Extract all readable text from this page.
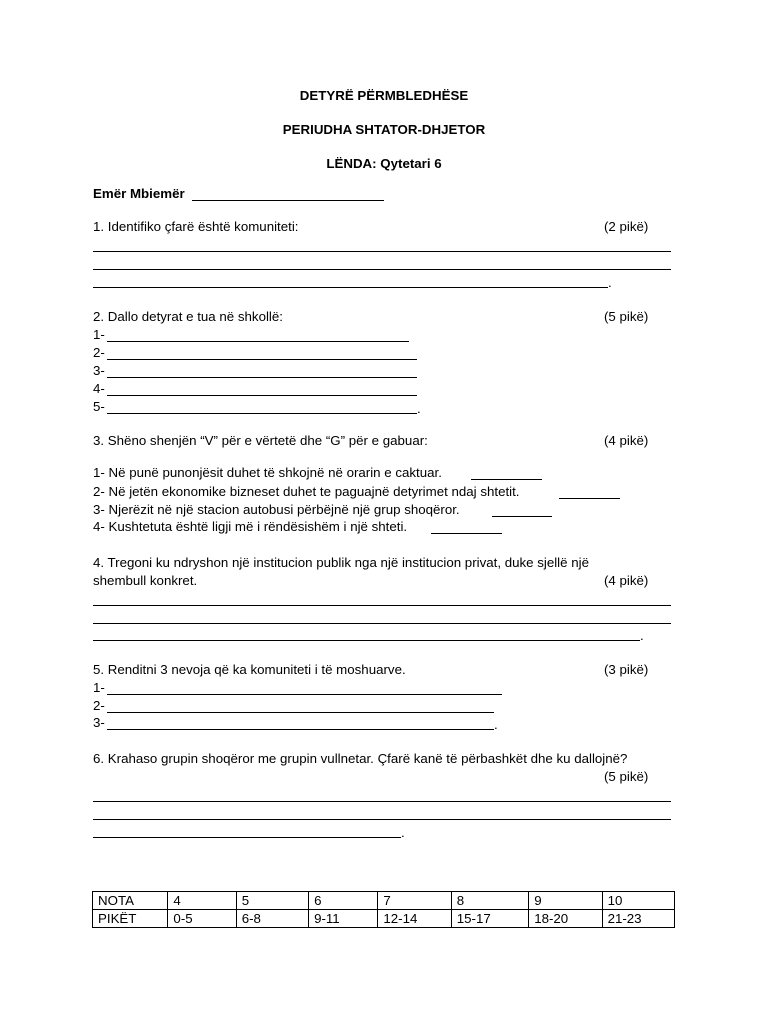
DETYRË PËRMBLEDHËSE
PERIUDHA SHTATOR-DHJETOR
LËNDA: Qytetari 6
Emër Mbiemër
1. Identifiko çfarë është komuniteti:	(2 pikë)
.
2. Dallo detyrat e tua në shkollë:	(5 pikë)
1-
2-
3-
4-
5-	.
3. Shëno shenjën “V” për e vërtetë dhe “G” për e gabuar:	(4 pikë)
1- Në punë punonjësit duhet të shkojnë në orarin e caktuar.
2- Në jetën ekonomike bizneset duhet te paguajnë detyrimet ndaj shtetit.
3- Njerëzit në një stacion autobusi përbëjnë një grup shoqëror.
4- Kushtetuta është ligji më i rëndësishëm i një shteti.
4. Tregoni ku ndryshon një institucion publik nga një institucion privat, duke sjellë një
shembull konkret.	(4 pikë)
.
5. Renditni 3 nevoja që ka komuniteti i të moshuarve.	(3 pikë)
1-
2-
3-	.
6. Krahaso grupin shoqëror me grupin vullnetar. Çfarë kanë të përbashkët dhe ku dallojnë?
(5 pikë)
.
NOTA	4	5	6	7	8	9	10
PIKËT	0-5	6-8	9-11	12-14	15-17	18-20	21-23
